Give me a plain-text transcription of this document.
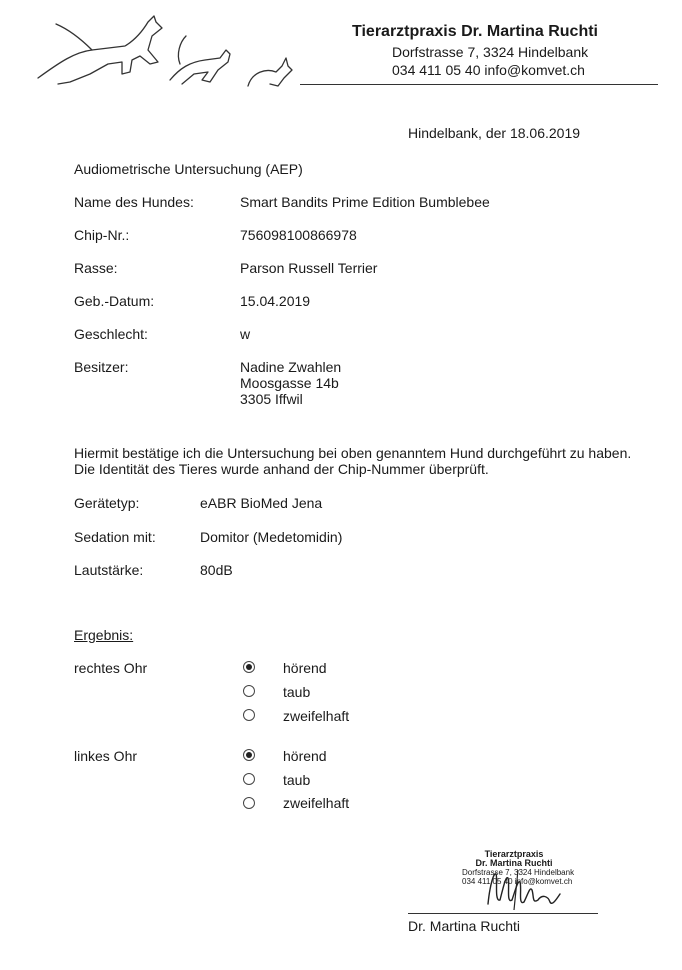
Tierarztpraxis Dr. Martina Ruchti
Dorfstrasse 7, 3324 Hindelbank
034 411 05 40 info@komvet.ch
Hindelbank, der 18.06.2019
Audiometrische Untersuchung (AEP)
Name des Hundes:	Smart Bandits Prime Edition Bumblebee
Chip-Nr.:	756098100866978
Rasse:	Parson Russell Terrier
Geb.-Datum:	15.04.2019
Geschlecht:	w
Besitzer:	Nadine Zwahlen
Moosgasse 14b
3305 Iffwil
Hiermit bestätige ich die Untersuchung bei oben genanntem Hund durchgeführt zu haben.
Die Identität des Tieres wurde anhand der Chip-Nummer überprüft.
Gerätetyp:	eABR BioMed Jena
Sedation mit:	Domitor (Medetomidin)
Lautstärke:	80dB
Ergebnis:
rechtes Ohr	hörend
taub
zweifelhaft
linkes Ohr	hörend
taub
zweifelhaft
Tierarztpraxis
Dr. Martina Ruchti
Dorfstrasse 7, 3324 Hindelbank
034 411 05 40 info@komvet.ch
Dr. Martina Ruchti
